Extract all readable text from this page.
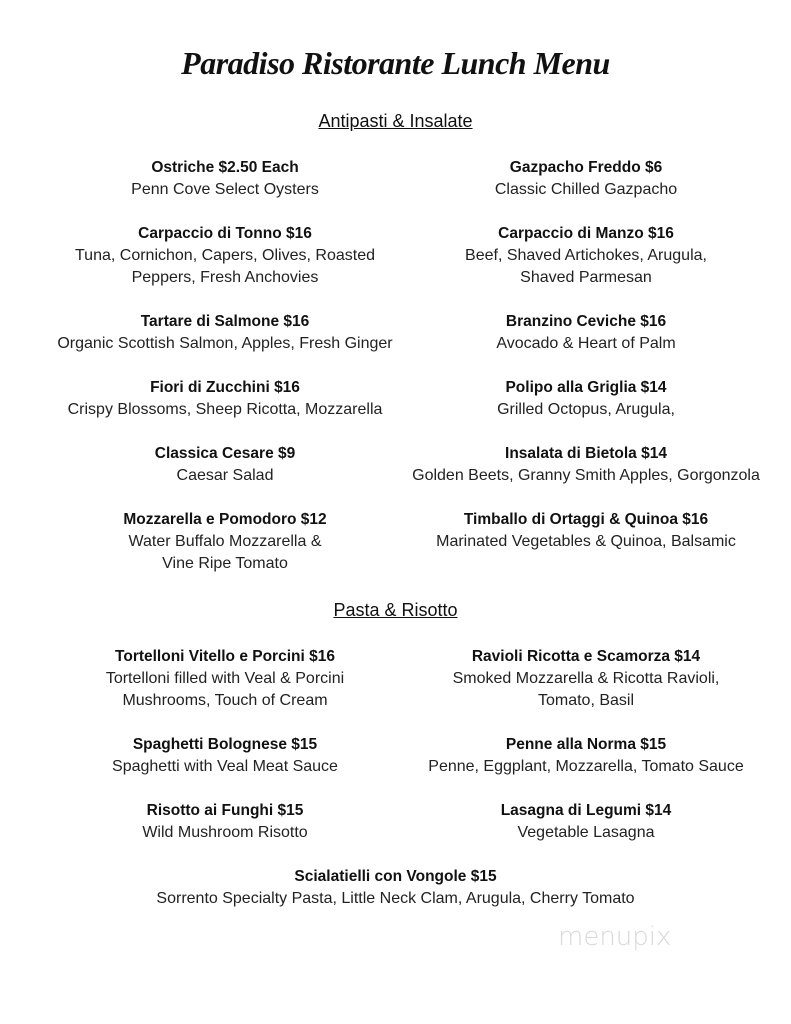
Paradiso Ristorante Lunch Menu
Antipasti & Insalate
Ostriche $2.50 Each
Penn Cove Select Oysters
Gazpacho Freddo $6
Classic Chilled Gazpacho
Carpaccio di Tonno $16
Tuna, Cornichon, Capers, Olives, Roasted
Peppers, Fresh Anchovies
Carpaccio di Manzo $16
Beef, Shaved Artichokes, Arugula,
Shaved Parmesan
Tartare di Salmone $16
Organic Scottish Salmon, Apples, Fresh Ginger
Branzino Ceviche $16
Avocado & Heart of Palm
Fiori di Zucchini $16
Crispy Blossoms, Sheep Ricotta, Mozzarella
Polipo alla Griglia $14
Grilled Octopus, Arugula,
Classica Cesare $9
Caesar Salad
Insalata di Bietola $14
Golden Beets, Granny Smith Apples, Gorgonzola
Mozzarella e Pomodoro $12
Water Buffalo Mozzarella &
Vine Ripe Tomato
Timballo di Ortaggi & Quinoa $16
Marinated Vegetables & Quinoa, Balsamic
Pasta & Risotto
Tortelloni Vitello e Porcini $16
Tortelloni filled with Veal & Porcini
Mushrooms, Touch of Cream
Ravioli Ricotta e Scamorza $14
Smoked Mozzarella & Ricotta Ravioli,
Tomato, Basil
Spaghetti Bolognese $15
Spaghetti with Veal Meat Sauce
Penne alla Norma $15
Penne, Eggplant, Mozzarella, Tomato Sauce
Risotto ai Funghi $15
Wild Mushroom Risotto
Lasagna di Legumi $14
Vegetable Lasagna
Scialatielli con Vongole $15
Sorrento Specialty Pasta, Little Neck Clam, Arugula, Cherry Tomato
menupix
